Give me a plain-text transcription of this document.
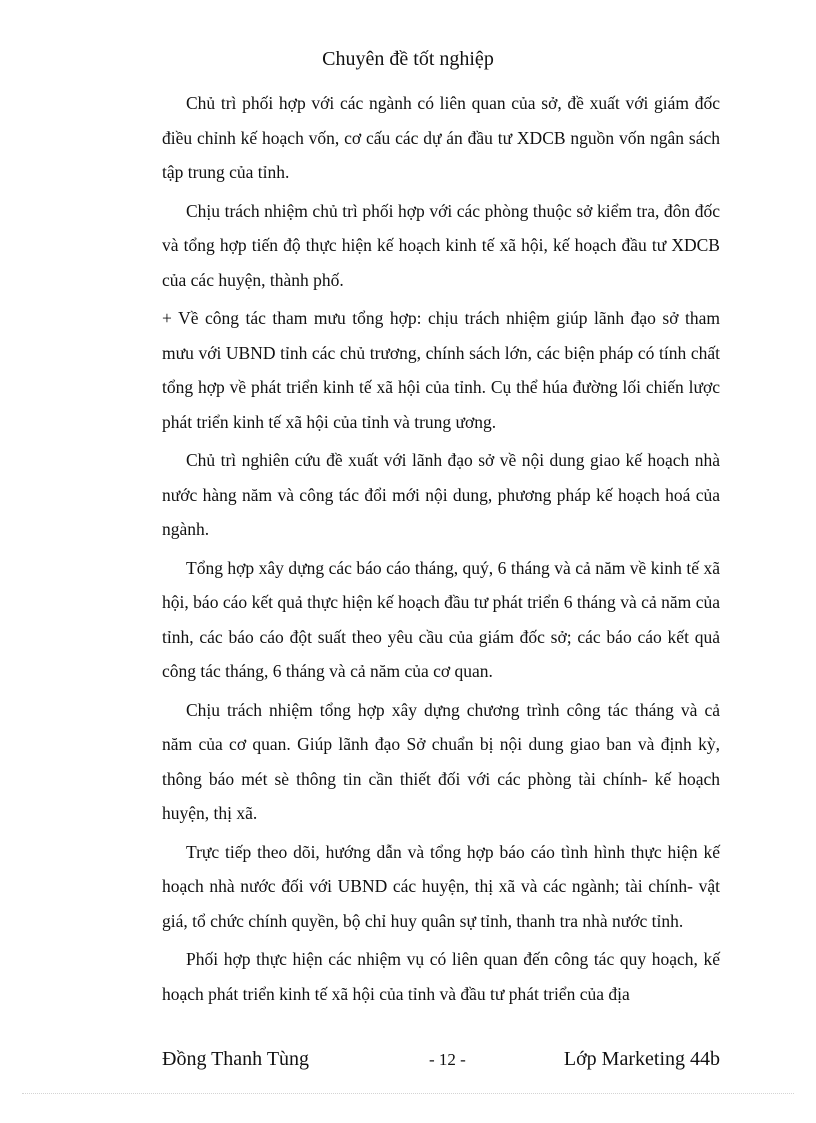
Chuyên đề tốt nghiệp

Chủ trì phối hợp với các ngành có liên quan của sở, đề xuất với giám đốc điều chỉnh kế hoạch vốn, cơ cấu các dự án đầu tư XDCB nguồn vốn ngân sách tập trung của tỉnh.

Chịu trách nhiệm chủ trì phối hợp với các phòng thuộc sở kiểm tra, đôn đốc và tổng hợp tiến độ thực hiện kế hoạch kinh tế xã hội, kế hoạch đầu tư XDCB của các huyện, thành phố.

+ Về công tác tham mưu tổng hợp: chịu trách nhiệm giúp lãnh đạo sở tham mưu với UBND tỉnh các chủ trương, chính sách lớn, các biện pháp có tính chất tổng hợp về phát triển kinh tế xã hội của tỉnh. Cụ thể húa đường lối chiến lược phát triển kinh tế xã hội của tỉnh và trung ương.

Chủ trì nghiên cứu đề xuất với lãnh đạo sở về nội dung giao kế hoạch nhà nước hàng năm và công tác đổi mới nội dung, phương pháp kế hoạch hoá của ngành.

Tổng hợp xây dựng các báo cáo tháng, quý, 6 tháng và cả năm về kinh tế xã hội, báo cáo kết quả thực hiện kế hoạch đầu tư phát triển 6 tháng và cả năm của tỉnh, các báo cáo đột suất theo yêu cầu của giám đốc sở; các báo cáo kết quả công tác tháng, 6 tháng và cả năm của cơ quan.

Chịu trách nhiệm tổng hợp xây dựng chương trình công tác tháng và cả năm của cơ quan. Giúp lãnh đạo Sở chuẩn bị nội dung giao ban và định kỳ, thông báo mét sè thông tin cần thiết đối với các phòng tài chính- kế hoạch huyện, thị xã.

Trực tiếp theo dõi, hướng dẫn và tổng hợp báo cáo tình hình thực hiện kế hoạch nhà nước đối với UBND các huyện, thị xã và các ngành; tài chính- vật giá, tổ chức chính quyền, bộ chỉ huy quân sự tỉnh, thanh tra nhà nước tỉnh.

Phối hợp thực hiện các nhiệm vụ có liên quan đến công tác quy hoạch, kế hoạch phát triển kinh tế xã hội của tỉnh và đầu tư phát triển của địa

Đồng Thanh Tùng	- 12 -	Lớp Marketing 44b
